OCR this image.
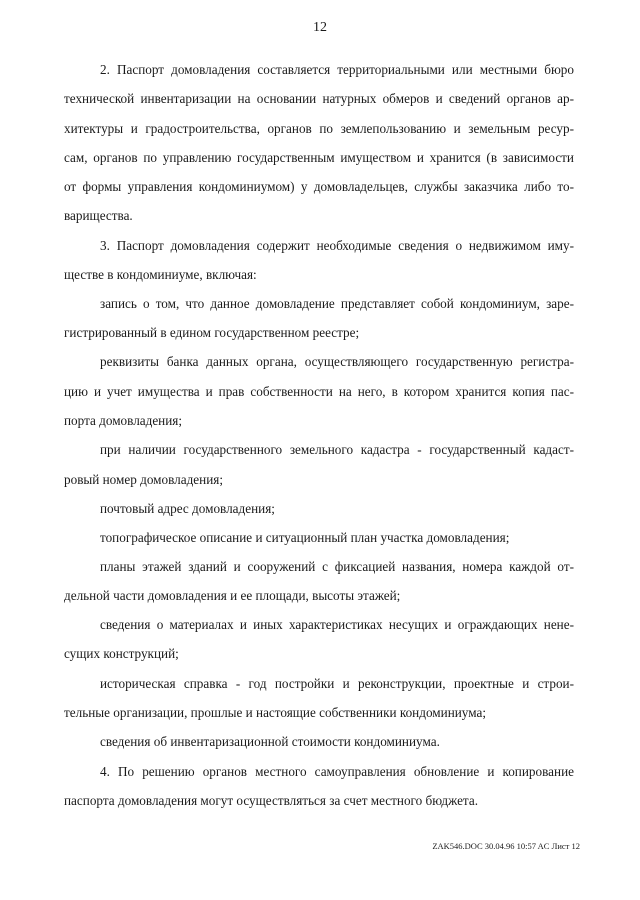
12
2. Паспорт домовладения составляется территориальными или местными бюро
технической инвентаризации на основании натурных обмеров и сведений органов ар-
хитектуры и градостроительства, органов по землепользованию и земельным ресур-
сам, органов по управлению государственным имуществом и хранится (в зависимости
от формы управления кондоминиумом) у домовладельцев, службы заказчика либо то-
варищества.
3. Паспорт домовладения содержит необходимые сведения о недвижимом иму-
ществе в кондоминиуме, включая:
запись о том, что данное домовладение представляет собой кондоминиум, заре-
гистрированный в едином государственном реестре;
реквизиты банка данных органа, осуществляющего государственную регистра-
цию и учет имущества и прав собственности на него, в котором хранится копия пас-
порта домовладения;
при наличии государственного земельного кадастра - государственный кадаст-
ровый номер домовладения;
почтовый адрес домовладения;
топографическое описание и ситуационный план участка домовладения;
планы этажей зданий и сооружений с фиксацией названия, номера каждой от-
дельной части домовладения и ее площади, высоты этажей;
сведения о материалах и иных характеристиках несущих и ограждающих нене-
сущих конструкций;
историческая справка - год постройки и реконструкции, проектные и строи-
тельные организации, прошлые и настоящие собственники кондоминиума;
сведения об инвентаризационной стоимости кондоминиума.
4. По решению органов местного самоуправления обновление и копирование
паспорта домовладения могут осуществляться за счет местного бюджета.
ZAK546.DOC 30.04.96 10:57 AC Лист 12
